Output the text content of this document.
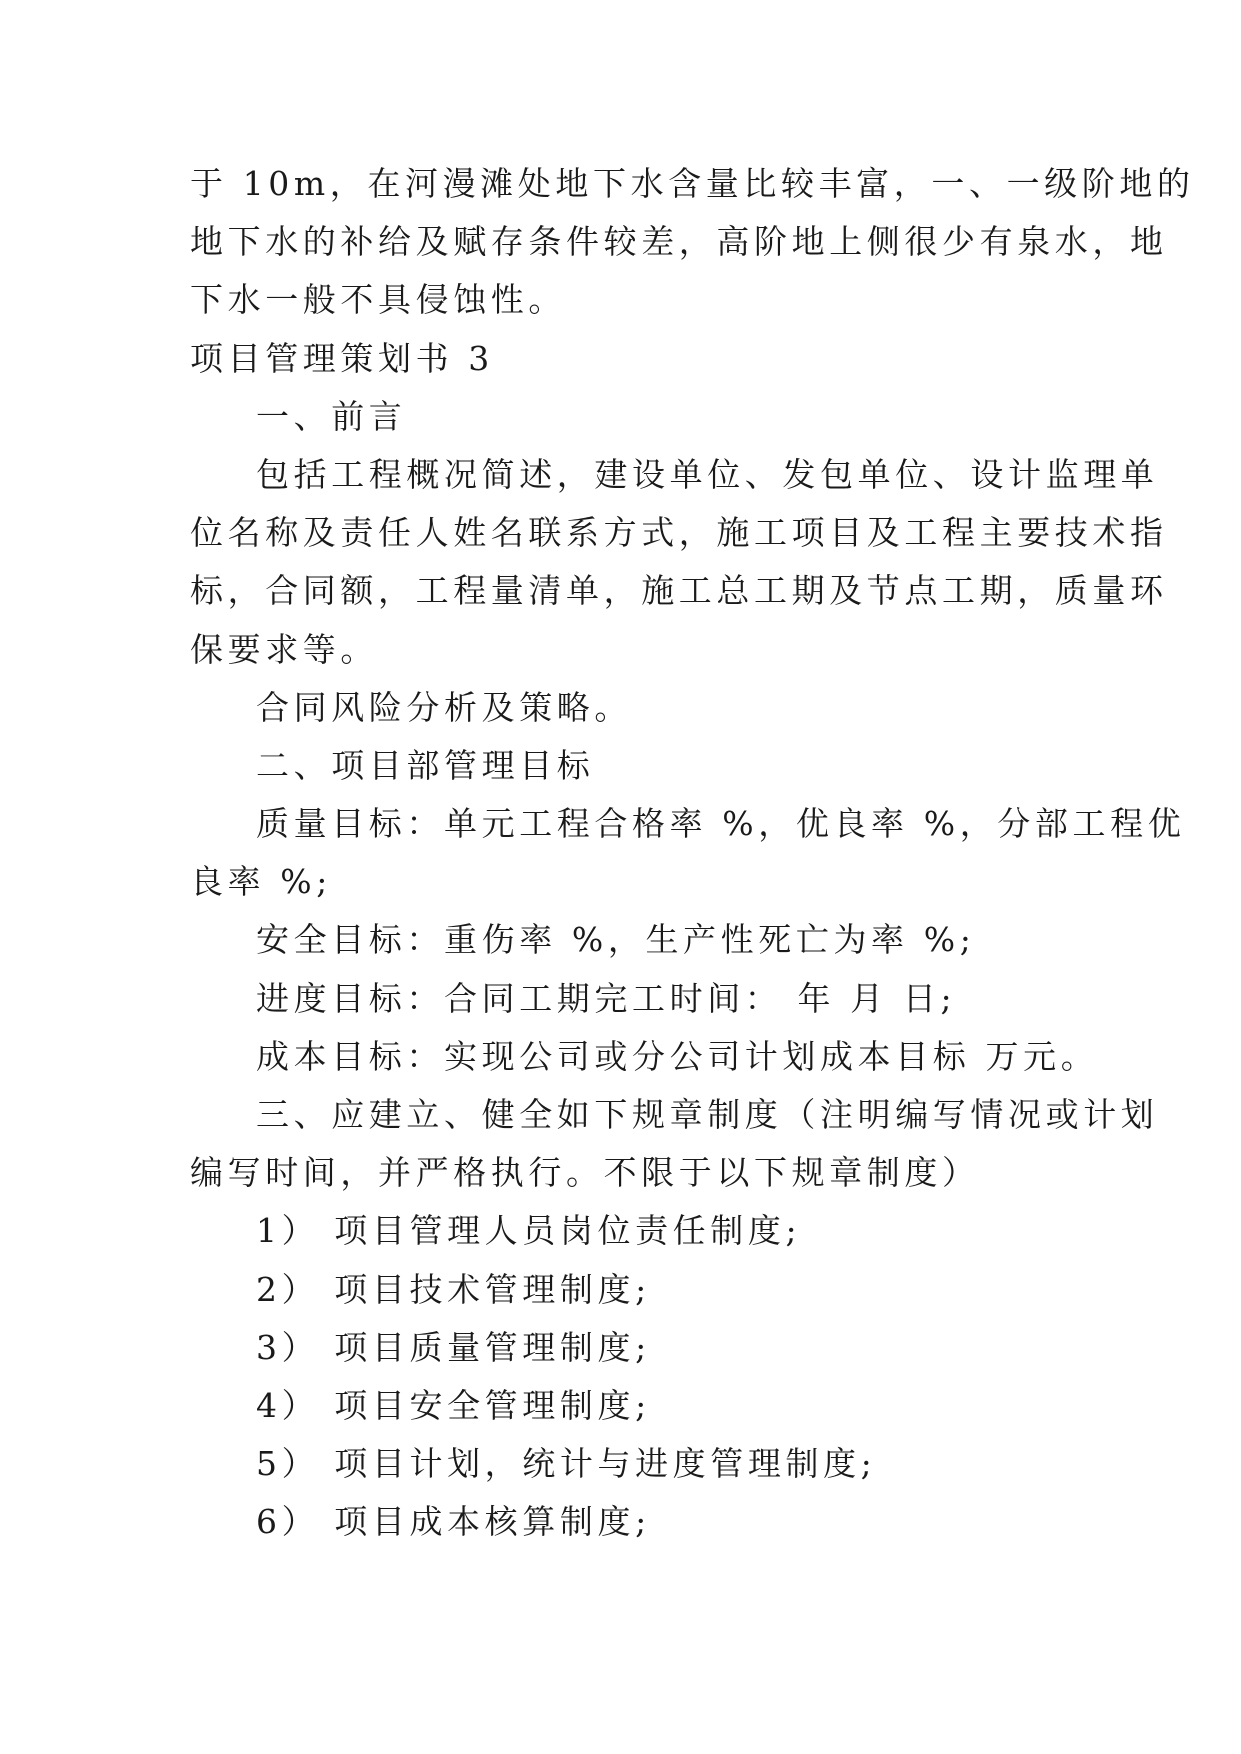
于 10m，在河漫滩处地下水含量比较丰富，一、一级阶地的
地下水的补给及赋存条件较差，高阶地上侧很少有泉水，地
下水一般不具侵蚀性。
项目管理策划书 3
一、前言
包括工程概况简述，建设单位、发包单位、设计监理单
位名称及责任人姓名联系方式，施工项目及工程主要技术指
标，合同额，工程量清单，施工总工期及节点工期，质量环
保要求等。
合同风险分析及策略。
二、项目部管理目标
质量目标：单元工程合格率 %，优良率 %，分部工程优
良率 %;
安全目标：重伤率 %，生产性死亡为率 %;
进度目标：合同工期完工时间： 年 月 日;
成本目标：实现公司或分公司计划成本目标 万元。
三、应建立、健全如下规章制度（注明编写情况或计划
编写时间，并严格执行。不限于以下规章制度）
1） 项目管理人员岗位责任制度;
2） 项目技术管理制度;
3） 项目质量管理制度;
4） 项目安全管理制度;
5） 项目计划，统计与进度管理制度;
6） 项目成本核算制度;
